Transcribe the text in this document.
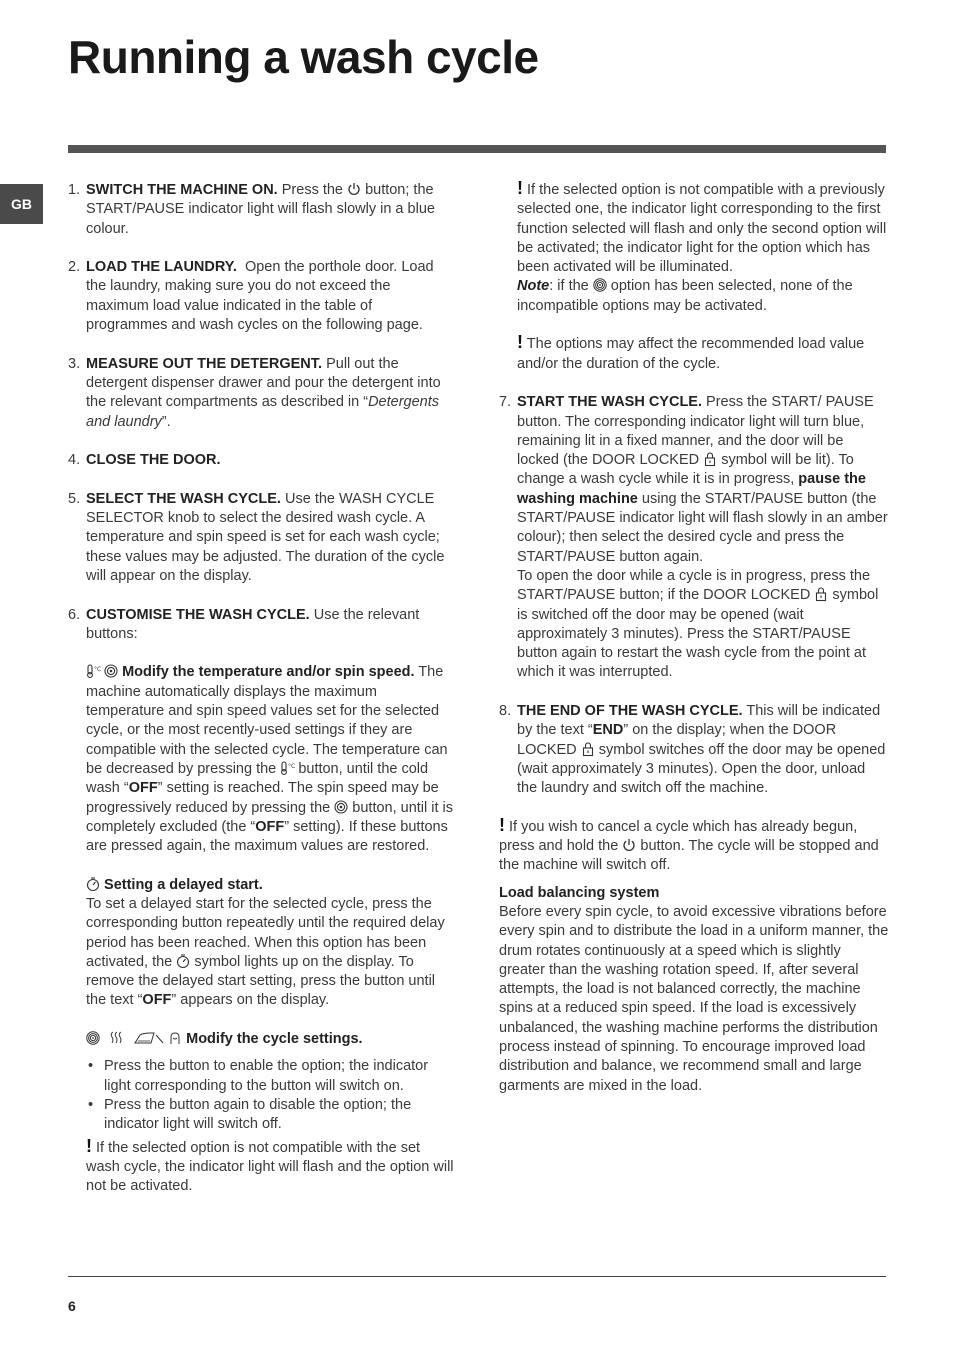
Running a wash cycle
GB
1. SWITCH THE MACHINE ON. Press the button; the START/PAUSE indicator light will flash slowly in a blue colour.
2. LOAD THE LAUNDRY. Open the porthole door. Load the laundry, making sure you do not exceed the maximum load value indicated in the table of programmes and wash cycles on the following page.
3. MEASURE OUT THE DETERGENT. Pull out the detergent dispenser drawer and pour the detergent into the relevant compartments as described in “Detergents and laundry”.
4. CLOSE THE DOOR.
5. SELECT THE WASH CYCLE. Use the WASH CYCLE SELECTOR knob to select the desired wash cycle. A temperature and spin speed is set for each wash cycle; these values may be adjusted. The duration of the cycle will appear on the display.
6. CUSTOMISE THE WASH CYCLE. Use the relevant buttons:
°C
Modify the temperature and/or spin speed. The machine automatically displays the maximum temperature and spin speed values set for the selected cycle, or the most recently-used settings if they are compatible with the selected cycle. The temperature can be decreased by pressing the °C button, until the cold wash “OFF” setting is reached. The spin speed may be progressively reduced by pressing the button, until it is completely excluded (the “OFF” setting). If these buttons are pressed again, the maximum values are restored.
Setting a delayed start.
To set a delayed start for the selected cycle, press the corresponding button repeatedly until the required delay period has been reached. When this option has been activated, the symbol lights up on the display. To remove the delayed start setting, press the button until the text “OFF” appears on the display.

Modify the cycle settings.
• Press the button to enable the option; the indicator light corresponding to the button will switch on.
• Press the button again to disable the option; the indicator light will switch off.
! If the selected option is not compatible with the set wash cycle, the indicator light will flash and the option will not be activated.
! If the selected option is not compatible with a previously selected one, the indicator light corresponding to the first function selected will flash and only the second option will be activated; the indicator light for the option which has been activated will be illuminated.
Note: if the option has been selected, none of the incompatible options may be activated.
! The options may affect the recommended load value and/or the duration of the cycle.
7. START THE WASH CYCLE. Press the START/ PAUSE button. The corresponding indicator light will turn blue, remaining lit in a fixed manner, and the door will be locked (the DOOR LOCKED symbol will be lit). To change a wash cycle while it is in progress, pause the washing machine using the START/PAUSE button (the START/PAUSE indicator light will flash slowly in an amber colour); then select the desired cycle and press the START/PAUSE button again.
To open the door while a cycle is in progress, press the START/PAUSE button; if the DOOR LOCKED symbol is switched off the door may be opened (wait approximately 3 minutes). Press the START/PAUSE button again to restart the wash cycle from the point at which it was interrupted.
8. THE END OF THE WASH CYCLE. This will be indicated by the text “END” on the display; when the DOOR LOCKED symbol switches off the door may be opened (wait approximately 3 minutes). Open the door, unload the laundry and switch off the machine.
! If you wish to cancel a cycle which has already begun, press and hold the button. The cycle will be stopped and the machine will switch off.
Load balancing system
Before every spin cycle, to avoid excessive vibrations before every spin and to distribute the load in a uniform manner, the drum rotates continuously at a speed which is slightly greater than the washing rotation speed. If, after several attempts, the load is not balanced correctly, the machine spins at a reduced spin speed. If the load is excessively unbalanced, the washing machine performs the distribution process instead of spinning. To encourage improved load distribution and balance, we recommend small and large garments are mixed in the load.
6
